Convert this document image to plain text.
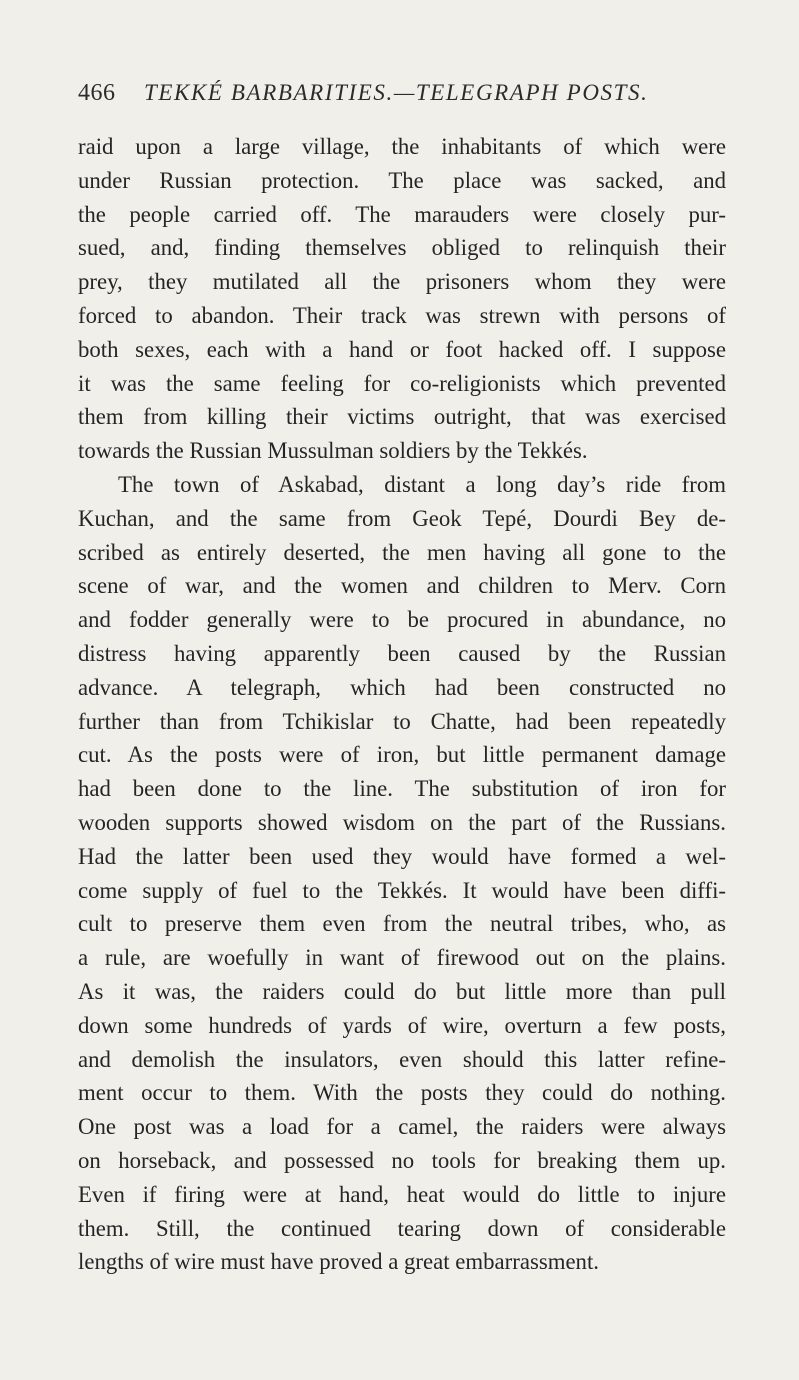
466 TEKKÉ BARBARITIES.—TELEGRAPH POSTS.
raid upon a large village, the inhabitants of which were
under Russian protection. The place was sacked, and
the people carried off. The marauders were closely pur-
sued, and, finding themselves obliged to relinquish their
prey, they mutilated all the prisoners whom they were
forced to abandon. Their track was strewn with persons of
both sexes, each with a hand or foot hacked off. I suppose
it was the same feeling for co-religionists which prevented
them from killing their victims outright, that was exercised
towards the Russian Mussulman soldiers by the Tekkés.
The town of Askabad, distant a long day’s ride from
Kuchan, and the same from Geok Tepé, Dourdi Bey de-
scribed as entirely deserted, the men having all gone to the
scene of war, and the women and children to Merv. Corn
and fodder generally were to be procured in abundance, no
distress having apparently been caused by the Russian
advance. A telegraph, which had been constructed no
further than from Tchikislar to Chatte, had been repeatedly
cut. As the posts were of iron, but little permanent damage
had been done to the line. The substitution of iron for
wooden supports showed wisdom on the part of the Russians.
Had the latter been used they would have formed a wel-
come supply of fuel to the Tekkés. It would have been diffi-
cult to preserve them even from the neutral tribes, who, as
a rule, are woefully in want of firewood out on the plains.
As it was, the raiders could do but little more than pull
down some hundreds of yards of wire, overturn a few posts,
and demolish the insulators, even should this latter refine-
ment occur to them. With the posts they could do nothing.
One post was a load for a camel, the raiders were always
on horseback, and possessed no tools for breaking them up.
Even if firing were at hand, heat would do little to injure
them. Still, the continued tearing down of considerable
lengths of wire must have proved a great embarrassment.
